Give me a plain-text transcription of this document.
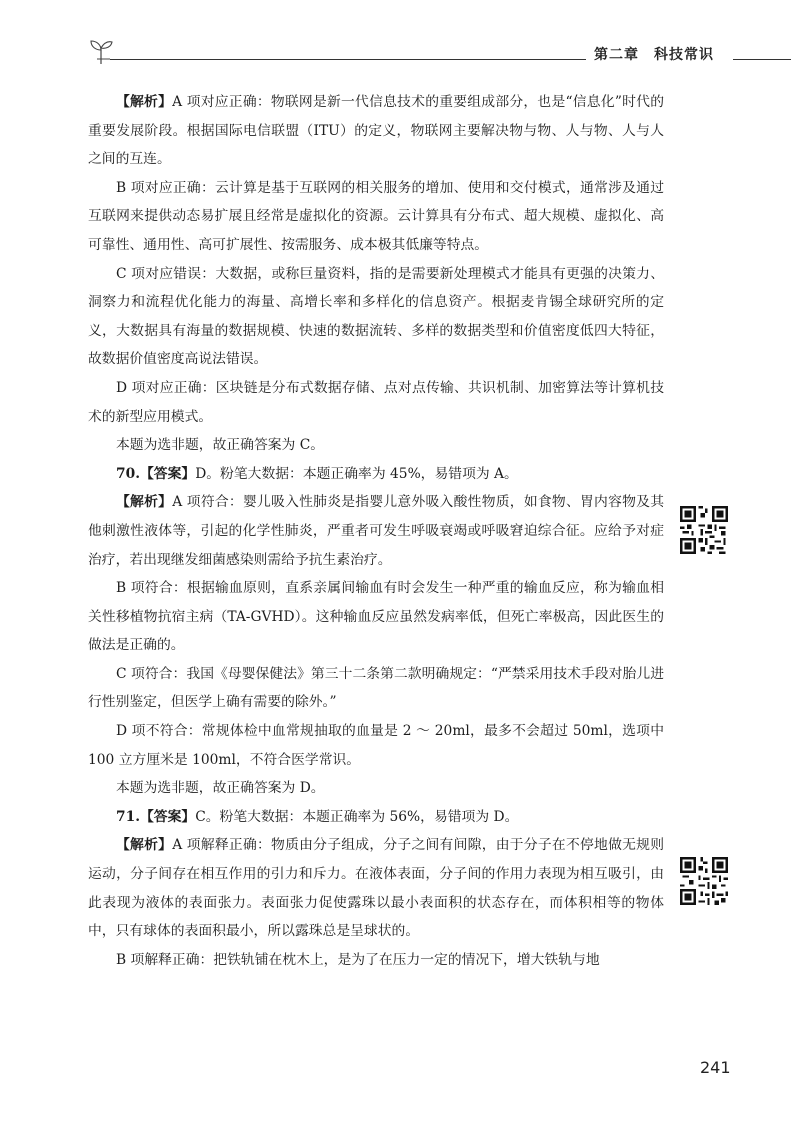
第二章　科技常识

【解析】A 项对应正确：物联网是新一代信息技术的重要组成部分，也是“信息化”时代的重要发展阶段。根据国际电信联盟（ITU）的定义，物联网主要解决物与物、人与物、人与人之间的互连。

B 项对应正确：云计算是基于互联网的相关服务的增加、使用和交付模式，通常涉及通过互联网来提供动态易扩展且经常是虚拟化的资源。云计算具有分布式、超大规模、虚拟化、高可靠性、通用性、高可扩展性、按需服务、成本极其低廉等特点。

C 项对应错误：大数据，或称巨量资料，指的是需要新处理模式才能具有更强的决策力、洞察力和流程优化能力的海量、高增长率和多样化的信息资产。根据麦肯锡全球研究所的定义，大数据具有海量的数据规模、快速的数据流转、多样的数据类型和价值密度低四大特征，故数据价值密度高说法错误。

D 项对应正确：区块链是分布式数据存储、点对点传输、共识机制、加密算法等计算机技术的新型应用模式。

本题为选非题，故正确答案为 C。

70.【答案】D。粉笔大数据：本题正确率为 45%，易错项为 A。

【解析】A 项符合：婴儿吸入性肺炎是指婴儿意外吸入酸性物质，如食物、胃内容物及其他刺激性液体等，引起的化学性肺炎，严重者可发生呼吸衰竭或呼吸窘迫综合征。应给予对症治疗，若出现继发细菌感染则需给予抗生素治疗。

B 项符合：根据输血原则，直系亲属间输血有时会发生一种严重的输血反应，称为输血相关性移植物抗宿主病（TA-GVHD）。这种输血反应虽然发病率低，但死亡率极高，因此医生的做法是正确的。

C 项符合：我国《母婴保健法》第三十二条第二款明确规定：“严禁采用技术手段对胎儿进行性别鉴定，但医学上确有需要的除外。”

D 项不符合：常规体检中血常规抽取的血量是 2 ～ 20ml，最多不会超过 50ml，选项中 100 立方厘米是 100ml，不符合医学常识。

本题为选非题，故正确答案为 D。

71.【答案】C。粉笔大数据：本题正确率为 56%，易错项为 D。

【解析】A 项解释正确：物质由分子组成，分子之间有间隙，由于分子在不停地做无规则运动，分子间存在相互作用的引力和斥力。在液体表面，分子间的作用力表现为相互吸引，由此表现为液体的表面张力。表面张力促使露珠以最小表面积的状态存在，而体积相等的物体中，只有球体的表面积最小，所以露珠总是呈球状的。

B 项解释正确：把铁轨铺在枕木上，是为了在压力一定的情况下，增大铁轨与地

241
